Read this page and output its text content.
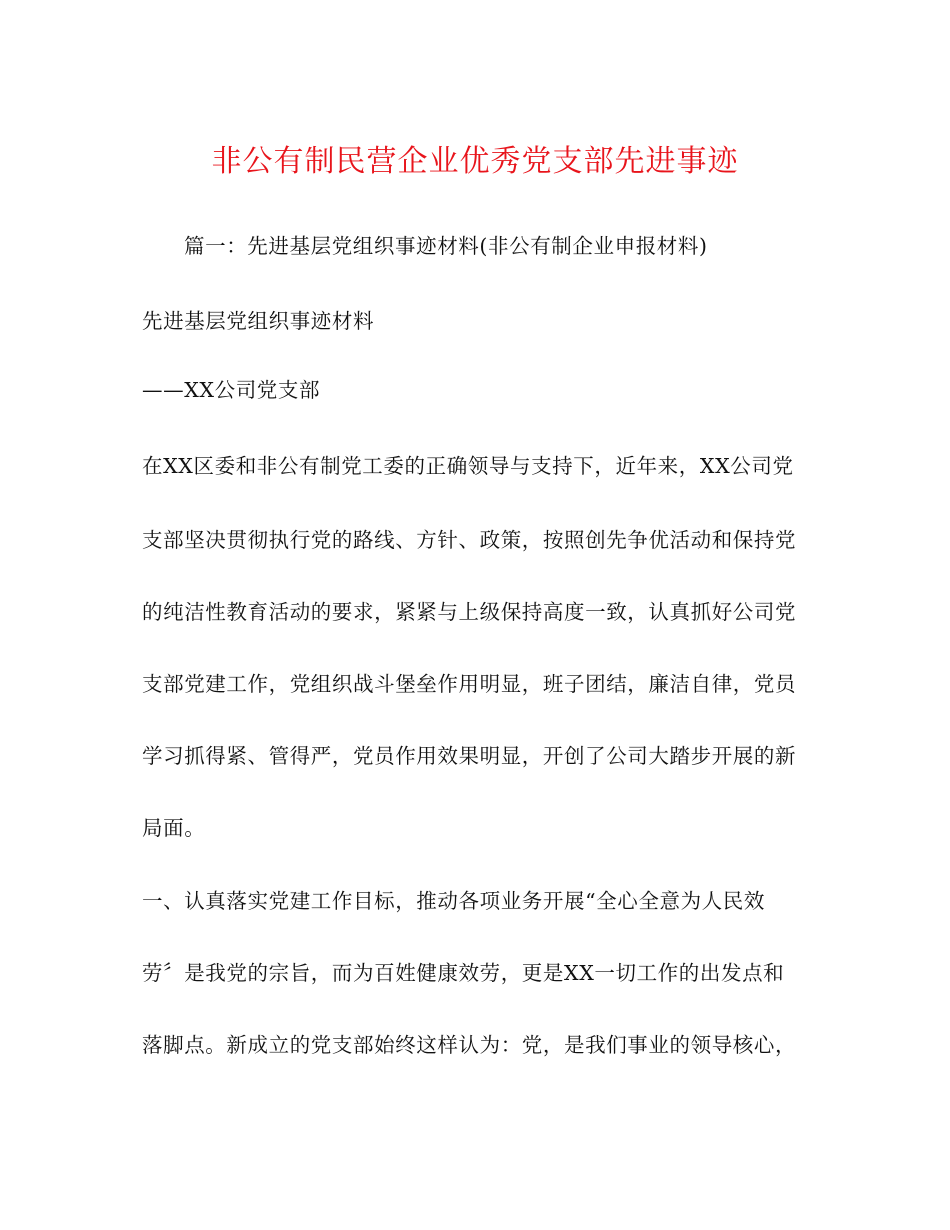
非公有制民营企业优秀党支部先进事迹
篇一：先进基层党组织事迹材料(非公有制企业申报材料)
先进基层党组织事迹材料
——XX公司党支部
在XX区委和非公有制党工委的正确领导与支持下，近年来，XX公司党
支部坚决贯彻执行党的路线、方针、政策，按照创先争优活动和保持党
的纯洁性教育活动的要求，紧紧与上级保持高度一致，认真抓好公司党
支部党建工作，党组织战斗堡垒作用明显，班子团结，廉洁自律，党员
学习抓得紧、管得严，党员作用效果明显，开创了公司大踏步开展的新
局面。
一、认真落实党建工作目标，推动各项业务开展“全心全意为人民效
劳〞是我党的宗旨，而为百姓健康效劳，更是XX一切工作的出发点和
落脚点。新成立的党支部始终这样认为：党，是我们事业的领导核心，
